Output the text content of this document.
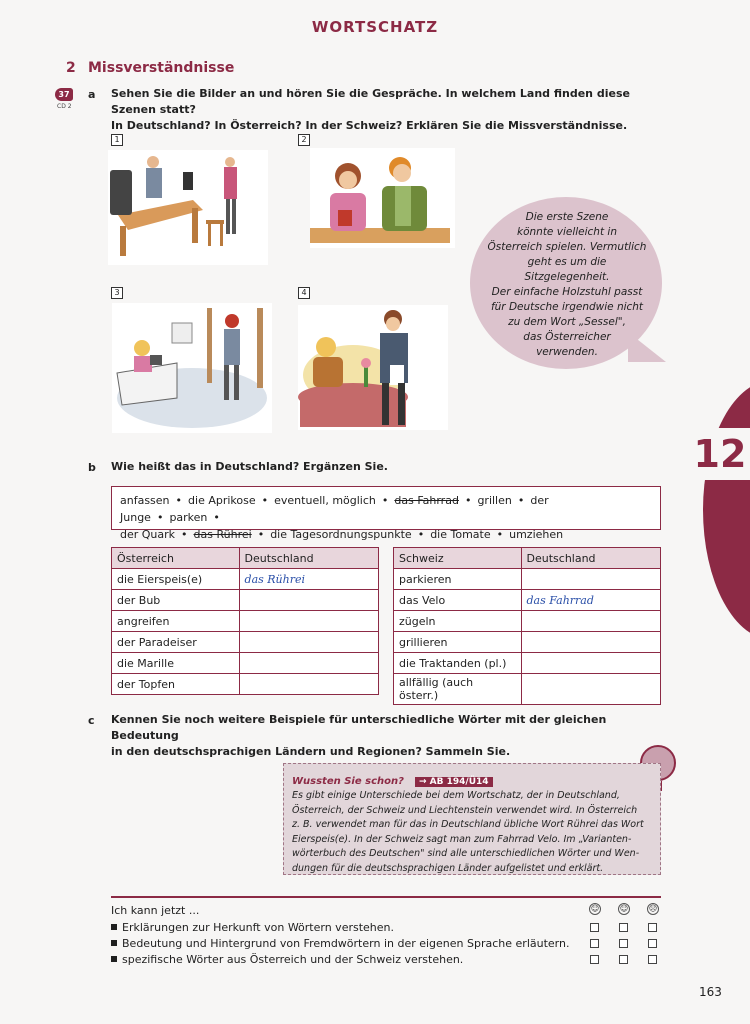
WORTSCHATZ
2 Missverständnisse
37
CD 2
a Sehen Sie die Bilder an und hören Sie die Gespräche. In welchem Land finden diese Szenen statt?
In Deutschland? In Österreich? In der Schweiz? Erklären Sie die Missverständnisse.
1	2
3	4
Die erste Szene
könnte vielleicht in
Österreich spielen. Vermutlich
geht es um die Sitzgelegenheit.
Der einfache Holzstuhl passt
für Deutsche irgendwie nicht
zu dem Wort „Sessel",
das Österreicher
verwenden.
12
b Wie heißt das in Deutschland? Ergänzen Sie.
anfassen • die Aprikose • eventuell, möglich • das Fahrrad • grillen • der Junge • parken •
der Quark • das Rührei • die Tagesordnungspunkte • die Tomate • umziehen
Österreich	Deutschland
die Eierspeis(e)	das Rührei
der Bub	
angreifen	
der Paradeiser	
die Marille	
der Topfen	
Schweiz	Deutschland
parkieren	
das Velo	das Fahrrad
zügeln	
grillieren	
die Traktanden (pl.)	
allfällig (auch österr.)	
c Kennen Sie noch weitere Beispiele für unterschiedliche Wörter mit der gleichen Bedeutung
in den deutschsprachigen Ländern und Regionen? Sammeln Sie.
Wussten Sie schon? → AB 194/Ü14
Es gibt einige Unterschiede bei dem Wortschatz, der in Deutschland,
Österreich, der Schweiz und Liechtenstein verwendet wird. In Österreich
z. B. verwendet man für das in Deutschland übliche Wort Rührei das Wort
Eierspeis(e). In der Schweiz sagt man zum Fahrrad Velo. Im „Varianten-
wörterbuch des Deutschen" sind alle unterschiedlichen Wörter und Wen-
dungen für die deutschsprachigen Länder aufgelistet und erklärt.
Ich kann jetzt ...	☺	☺	☹
Erklärungen zur Herkunft von Wörtern verstehen.
Bedeutung und Hintergrund von Fremdwörtern in der eigenen Sprache erläutern.
spezifische Wörter aus Österreich und der Schweiz verstehen.
163
